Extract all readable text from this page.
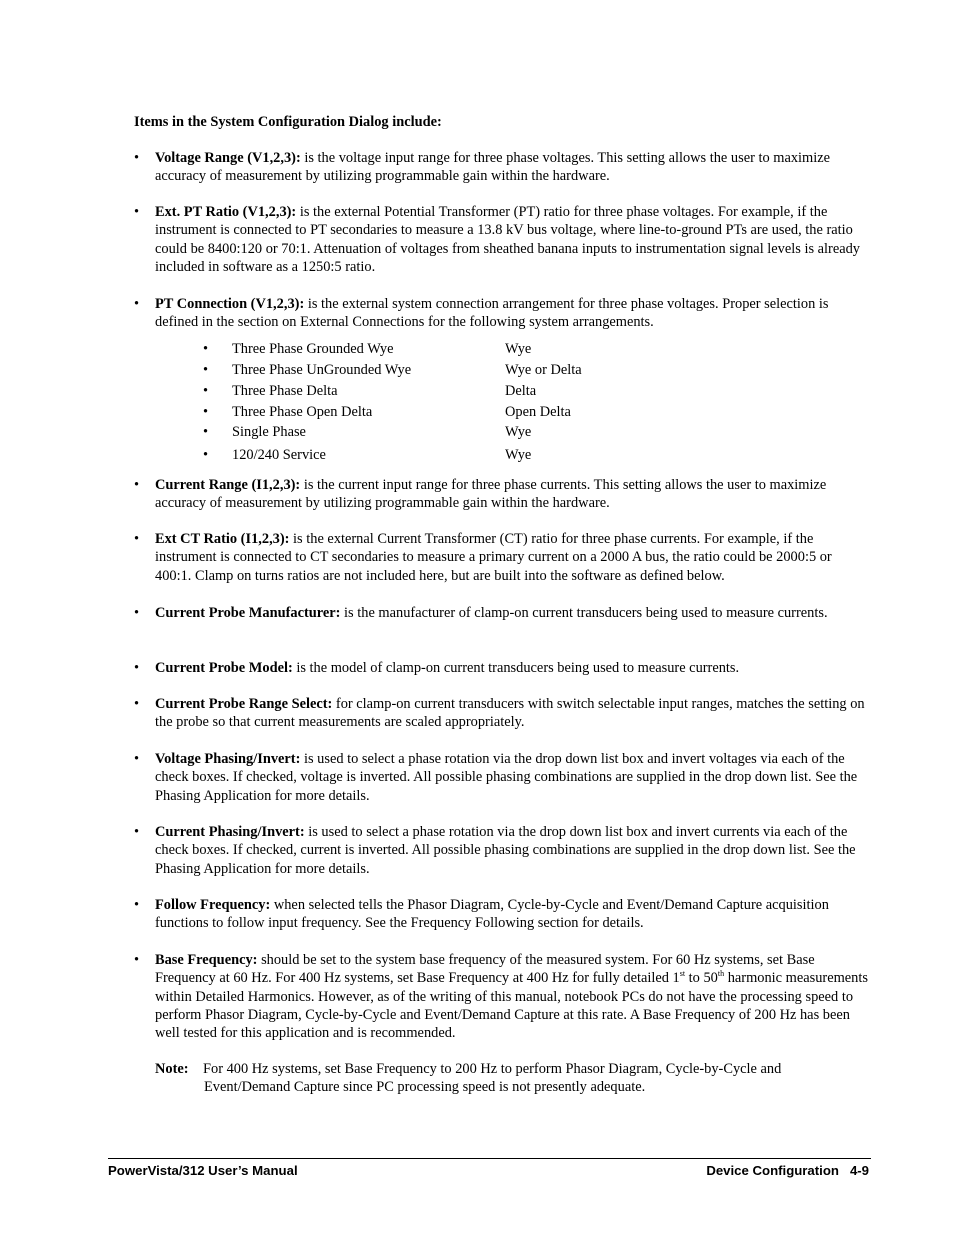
Items in the System Configuration Dialog include:
• Voltage Range (V1,2,3): is the voltage input range for three phase voltages. This setting allows the user to maximize accuracy of measurement by utilizing programmable gain within the hardware.
• Ext. PT Ratio (V1,2,3): is the external Potential Transformer (PT) ratio for three phase voltages. For example, if the instrument is connected to PT secondaries to measure a 13.8 kV bus voltage, where line-to-ground PTs are used, the ratio could be 8400:120 or 70:1. Attenuation of voltages from sheathed banana inputs to instrumentation signal levels is already included in software as a 1250:5 ratio.
• PT Connection (V1,2,3): is the external system connection arrangement for three phase voltages. Proper selection is defined in the section on External Connections for the following system arrangements.
• Three Phase Grounded Wye	Wye
• Three Phase UnGrounded Wye	Wye or Delta
• Three Phase Delta	Delta
• Three Phase Open Delta	Open Delta
• Single Phase	Wye
• 120/240 Service	Wye
• Current Range (I1,2,3): is the current input range for three phase currents. This setting allows the user to maximize accuracy of measurement by utilizing programmable gain within the hardware.
• Ext CT Ratio (I1,2,3): is the external Current Transformer (CT) ratio for three phase currents. For example, if the instrument is connected to CT secondaries to measure a primary current on a 2000 A bus, the ratio could be 2000:5 or 400:1. Clamp on turns ratios are not included here, but are built into the software as defined below.
• Current Probe Manufacturer: is the manufacturer of clamp-on current transducers being used to measure currents.
• Current Probe Model: is the model of clamp-on current transducers being used to measure currents.
• Current Probe Range Select: for clamp-on current transducers with switch selectable input ranges, matches the setting on the probe so that current measurements are scaled appropriately.
• Voltage Phasing/Invert: is used to select a phase rotation via the drop down list box and invert voltages via each of the check boxes. If checked, voltage is inverted. All possible phasing combinations are supplied in the drop down list. See the Phasing Application for more details.
• Current Phasing/Invert: is used to select a phase rotation via the drop down list box and invert currents via each of the check boxes. If checked, current is inverted. All possible phasing combinations are supplied in the drop down list. See the Phasing Application for more details.
• Follow Frequency: when selected tells the Phasor Diagram, Cycle-by-Cycle and Event/Demand Capture acquisition functions to follow input frequency. See the Frequency Following section for details.
• Base Frequency: should be set to the system base frequency of the measured system. For 60 Hz systems, set Base Frequency at 60 Hz. For 400 Hz systems, set Base Frequency at 400 Hz for fully detailed 1st to 50th harmonic measurements within Detailed Harmonics. However, as of the writing of this manual, notebook PCs do not have the processing speed to perform Phasor Diagram, Cycle-by-Cycle and Event/Demand Capture at this rate. A Base Frequency of 200 Hz has been well tested for this application and is recommended.
Note: For 400 Hz systems, set Base Frequency to 200 Hz to perform Phasor Diagram, Cycle-by-Cycle and
Event/Demand Capture since PC processing speed is not presently adequate.
PowerVista/312 User’s Manual	Device Configuration 4-9
